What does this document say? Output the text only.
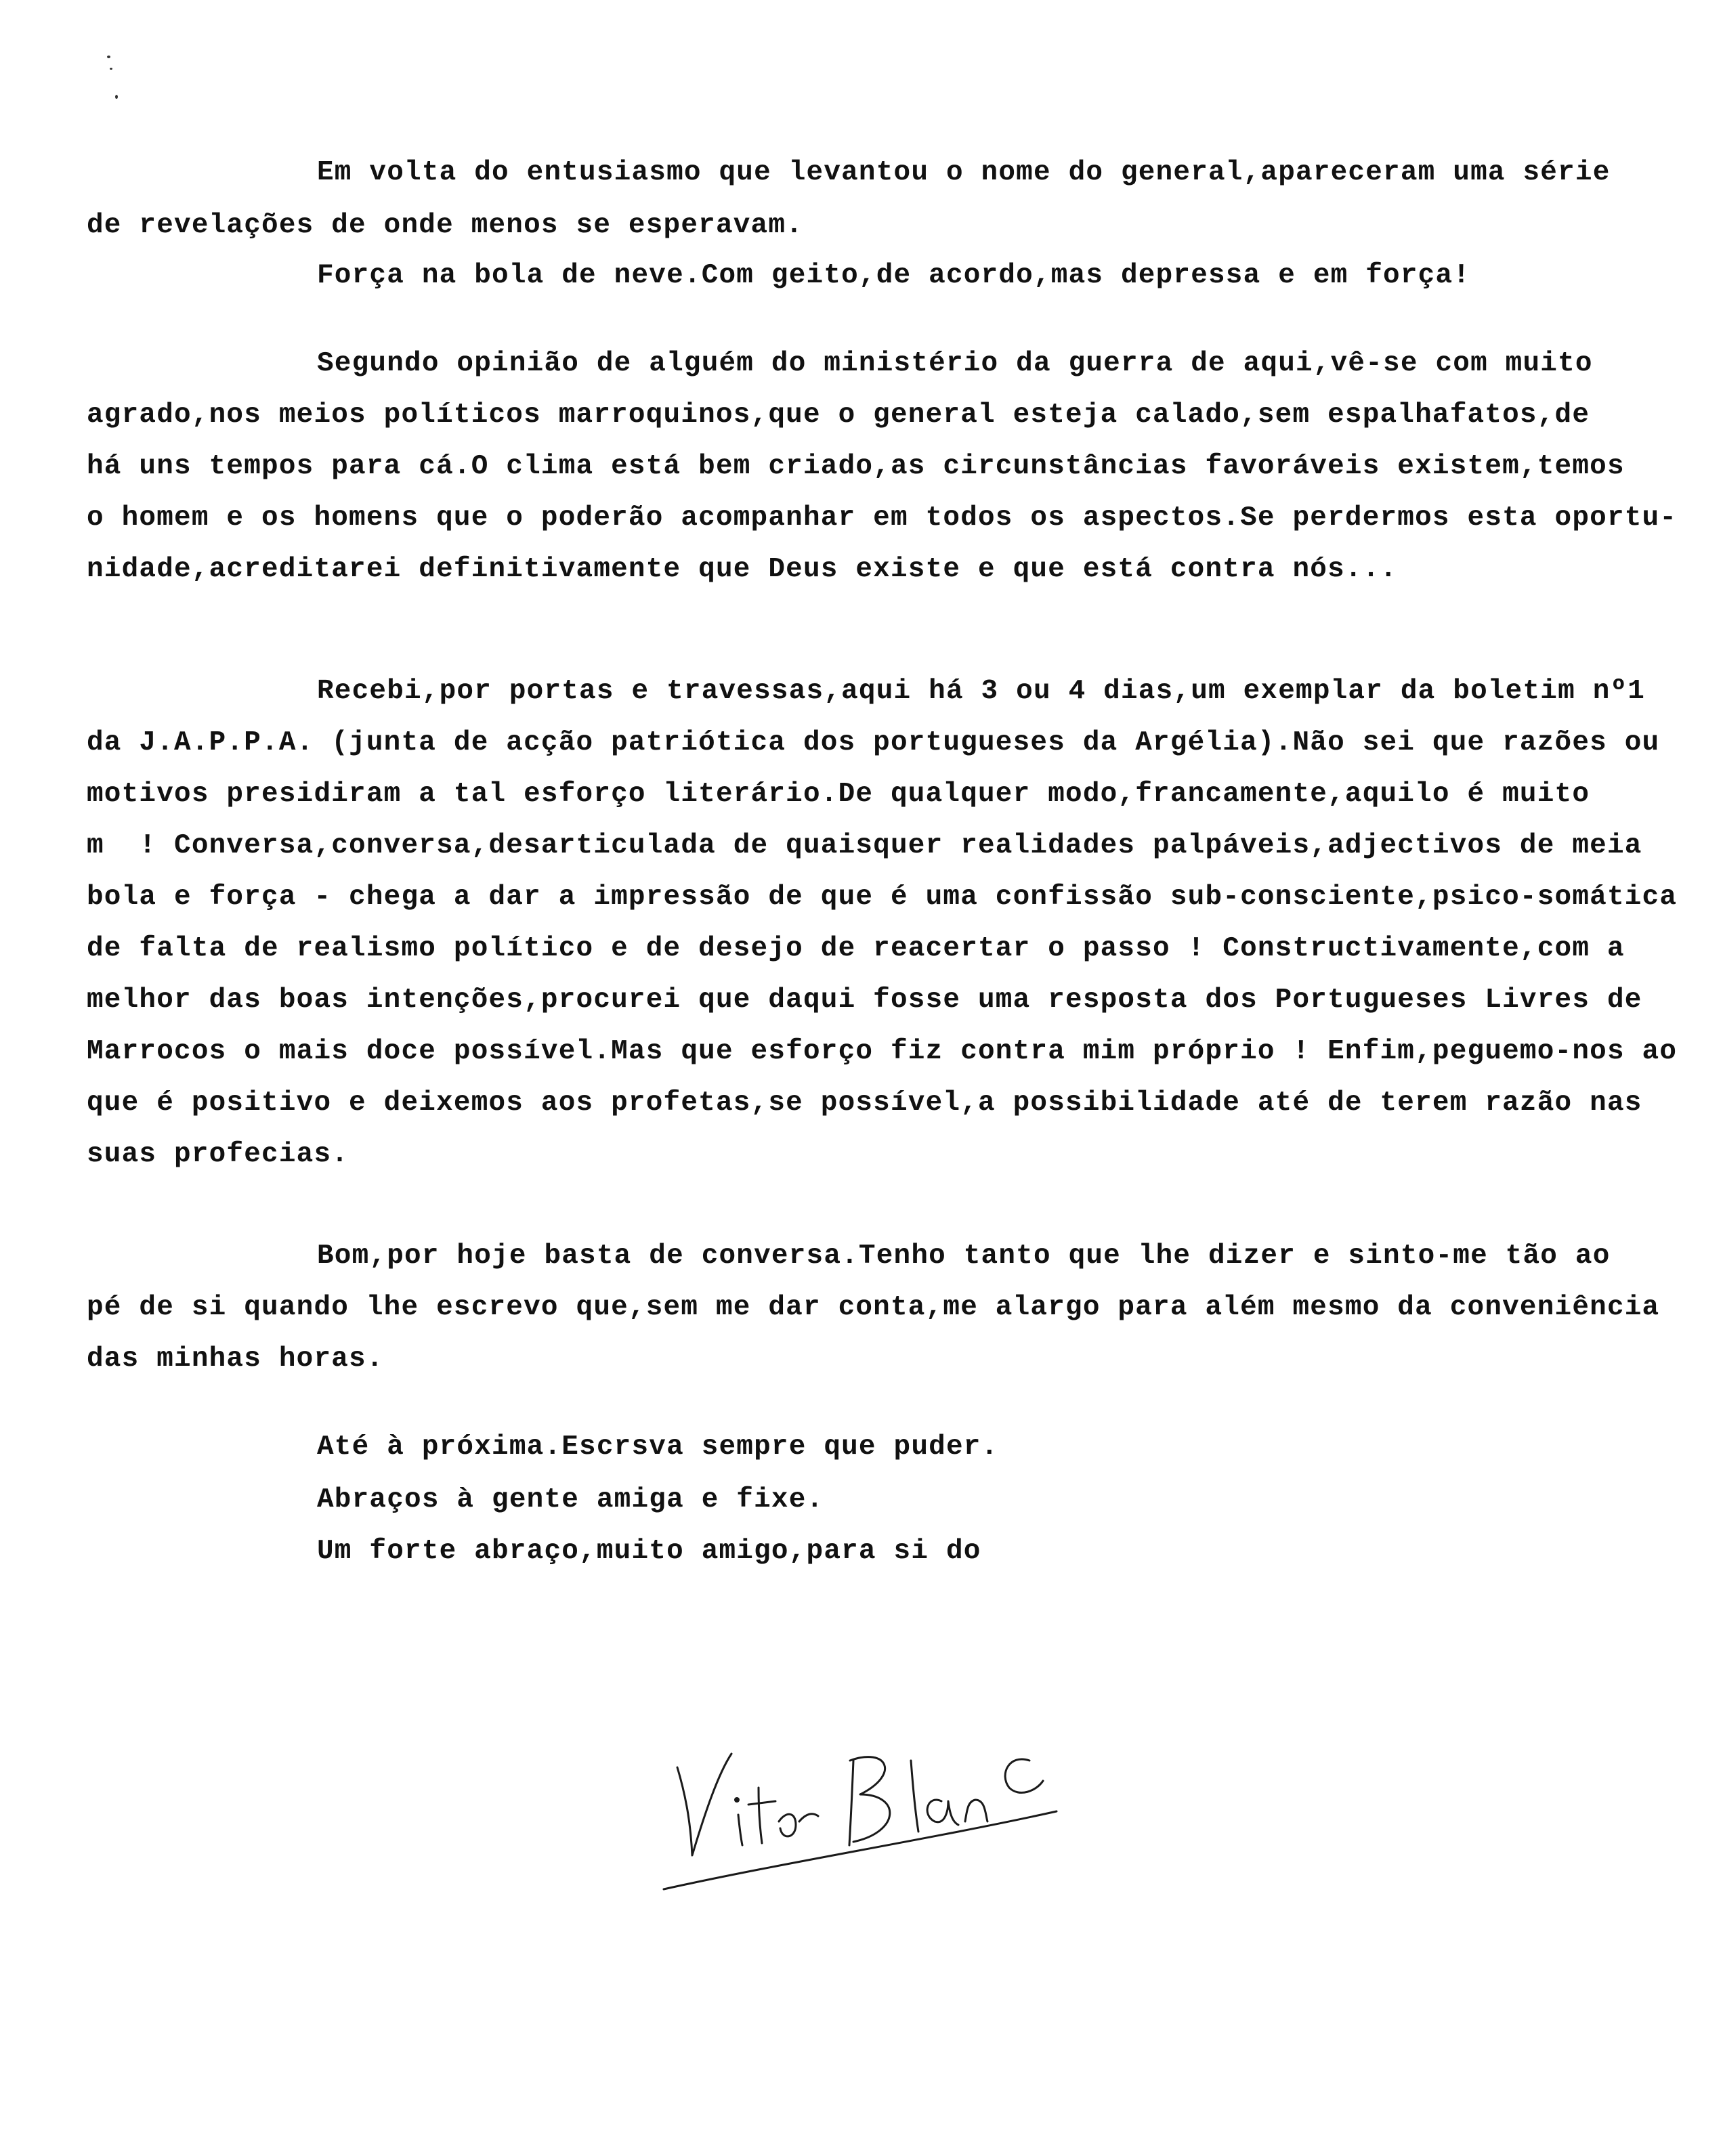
Em volta do entusiasmo que levantou o nome do general,apareceram uma série
de revelações de onde menos se esperavam.
Força na bola de neve.Com geito,de acordo,mas depressa e em força!
Segundo opinião de alguém do ministério da guerra de aqui,vê-se com muito
agrado,nos meios políticos marroquinos,que o general esteja calado,sem espalhafatos,de
há uns tempos para cá.O clima está bem criado,as circunstâncias favoráveis existem,temos
o homem e os homens que o poderão acompanhar em todos os aspectos.Se perdermos esta oportu-
nidade,acreditarei definitivamente que Deus existe e que está contra nós...
Recebi,por portas e travessas,aqui há 3 ou 4 dias,um exemplar da boletim nº1
da J.A.P.P.A. (junta de acção patriótica dos portugueses da Argélia).Não sei que razões ou
motivos presidiram a tal esforço literário.De qualquer modo,francamente,aquilo é muito
m  ! Conversa,conversa,desarticulada de quaisquer realidades palpáveis,adjectivos de meia
bola e força - chega a dar a impressão de que é uma confissão sub-consciente,psico-somática
de falta de realismo político e de desejo de reacertar o passo ! Constructivamente,com a
melhor das boas intenções,procurei que daqui fosse uma resposta dos Portugueses Livres de
Marrocos o mais doce possível.Mas que esforço fiz contra mim próprio ! Enfim,peguemo-nos ao
que é positivo e deixemos aos profetas,se possível,a possibilidade até de terem razão nas
suas profecias.
Bom,por hoje basta de conversa.Tenho tanto que lhe dizer e sinto-me tão ao
pé de si quando lhe escrevo que,sem me dar conta,me alargo para além mesmo da conveniência
das minhas horas.
Até à próxima.Escrsva sempre que puder.
Abraços à gente amiga e fixe.
Um forte abraço,muito amigo,para si do
